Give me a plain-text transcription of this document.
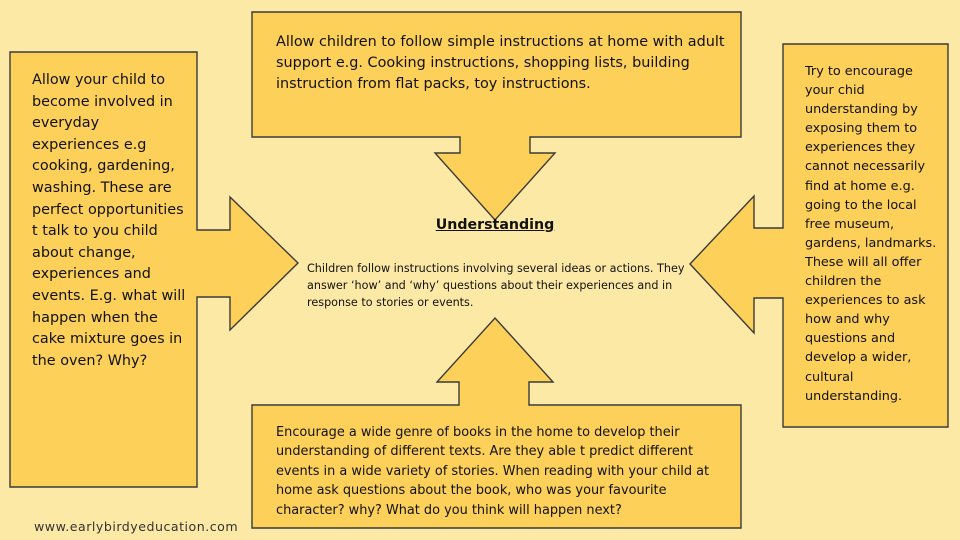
Allow your child to become involved in everyday experiences e.g cooking, gardening, washing. These are perfect opportunities t talk to you child about change, experiences and events. E.g. what will happen when the cake mixture goes in the oven? Why?

Allow children to follow simple instructions at home with adult support e.g. Cooking instructions, shopping lists, building instruction from flat packs, toy instructions.

Try to encourage your chid understanding by exposing them to experiences they cannot necessarily find at home e.g. going to the local free museum, gardens, landmarks. These will all offer children the experiences to ask how and why questions and develop a wider, cultural understanding.

Understanding

Children follow instructions involving several ideas or actions. They answer ‘how’ and ‘why’ questions about their experiences and in response to stories or events.

Encourage a wide genre of books in the home to develop their understanding of different texts. Are they able t predict different events in a wide variety of stories. When reading with your child at home ask questions about the book, who was your favourite character? why? What do you think will happen next?

www.earlybirdyeducation.com
